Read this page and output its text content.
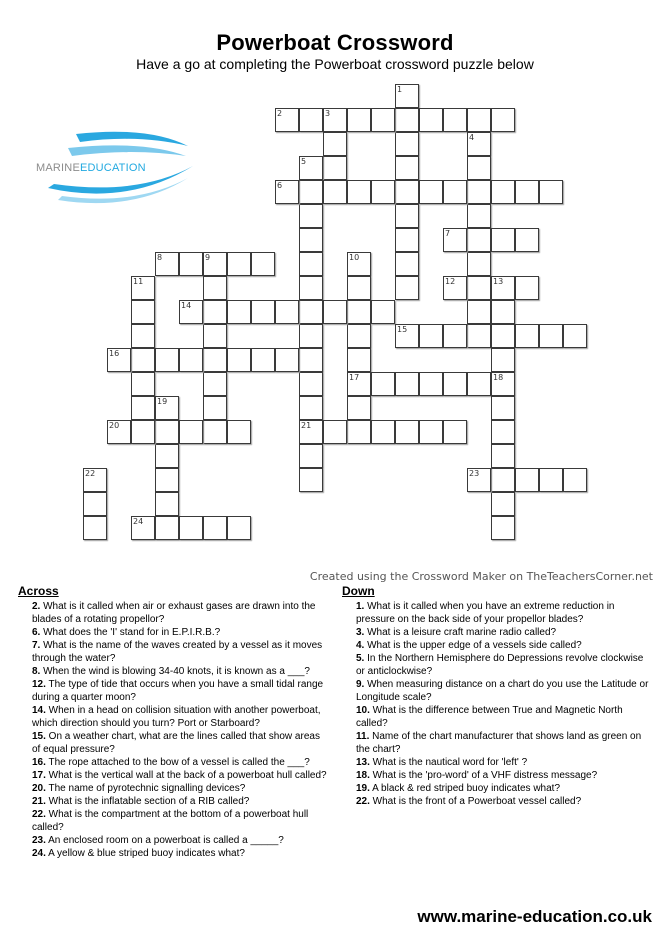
Powerboat Crossword
Have a go at completing the Powerboat crossword puzzle below
MARINEEDUCATION
1
2	3
4
5
21
6
7
8	9	10
17
11	12	13
14
15
16
18
19
20
22	23
24
Created using the Crossword Maker on TheTeachersCorner.net
Across
2. What is it called when air or exhaust gases are drawn into the blades of a rotating propellor?
6. What does the 'I' stand for in E.P.I.R.B.?
7. What is the name of the waves created by a vessel as it moves through the water?
8. When the wind is blowing 34-40 knots, it is known as a ___?
12. The type of tide that occurs when you have a small tidal range during a quarter moon?
14. When in a head on collision situation with another powerboat, which direction should you turn? Port or Starboard?
15. On a weather chart, what are the lines called that show areas of equal pressure?
16. The rope attached to the bow of a vessel is called the ___?
17. What is the vertical wall at the back of a powerboat hull called?
20. The name of pyrotechnic signalling devices?
21. What is the inflatable section of a RIB called?
22. What is the compartment at the bottom of a powerboat hull called?
23. An enclosed room on a powerboat is called a _____?
24. A yellow & blue striped buoy indicates what?
Down
1. What is it called when you have an extreme reduction in pressure on the back side of your propellor blades?
3. What is a leisure craft marine radio called?
4. What is the upper edge of a vessels side called?
5. In the Northern Hemisphere do Depressions revolve clockwise or anticlockwise?
9. When measuring distance on a chart do you use the Latitude or Longitude scale?
10. What is the difference between True and Magnetic North called?
11. Name of the chart manufacturer that shows land as green on the chart?
13. What is the nautical word for 'left' ?
18. What is the 'pro-word' of a VHF distress message?
19. A black & red striped buoy indicates what?
22. What is the front of a Powerboat vessel called?
www.marine-education.co.uk
